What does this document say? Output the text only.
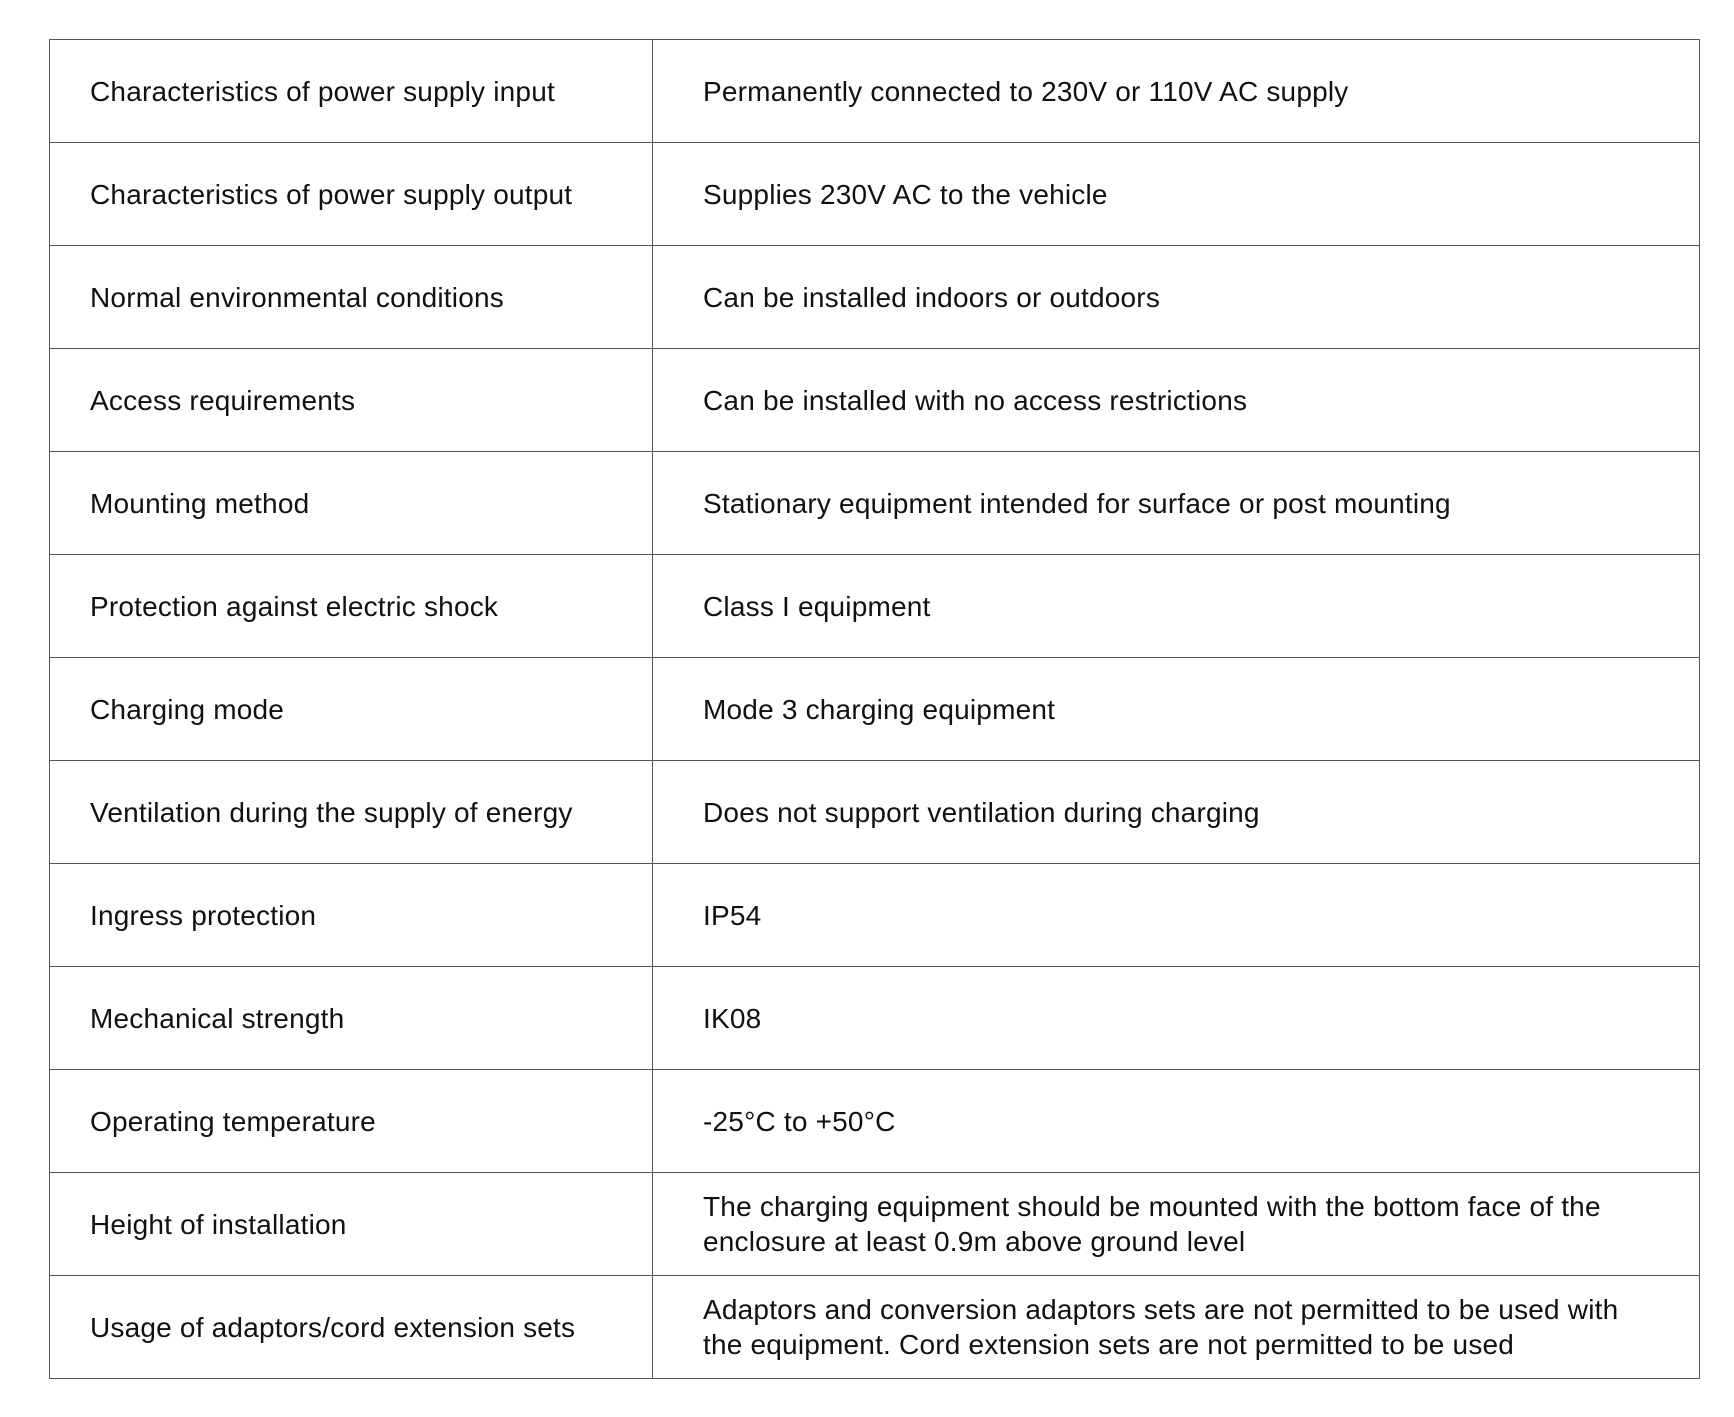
Characteristics of power supply input	Permanently connected to 230V or 110V AC supply
Characteristics of power supply output	Supplies 230V AC to the vehicle
Normal environmental conditions	Can be installed indoors or outdoors
Access requirements	Can be installed with no access restrictions
Mounting method	Stationary equipment intended for surface or post mounting
Protection against electric shock	Class I equipment
Charging mode	Mode 3 charging equipment
Ventilation during the supply of energy	Does not support ventilation during charging
Ingress protection	IP54
Mechanical strength	IK08
Operating temperature	-25°C to +50°C
Height of installation	The charging equipment should be mounted with the bottom face of the enclosure at least 0.9m above ground level
Usage of adaptors/cord extension sets	Adaptors and conversion adaptors sets are not permitted to be used with the equipment. Cord extension sets are not permitted to be used
